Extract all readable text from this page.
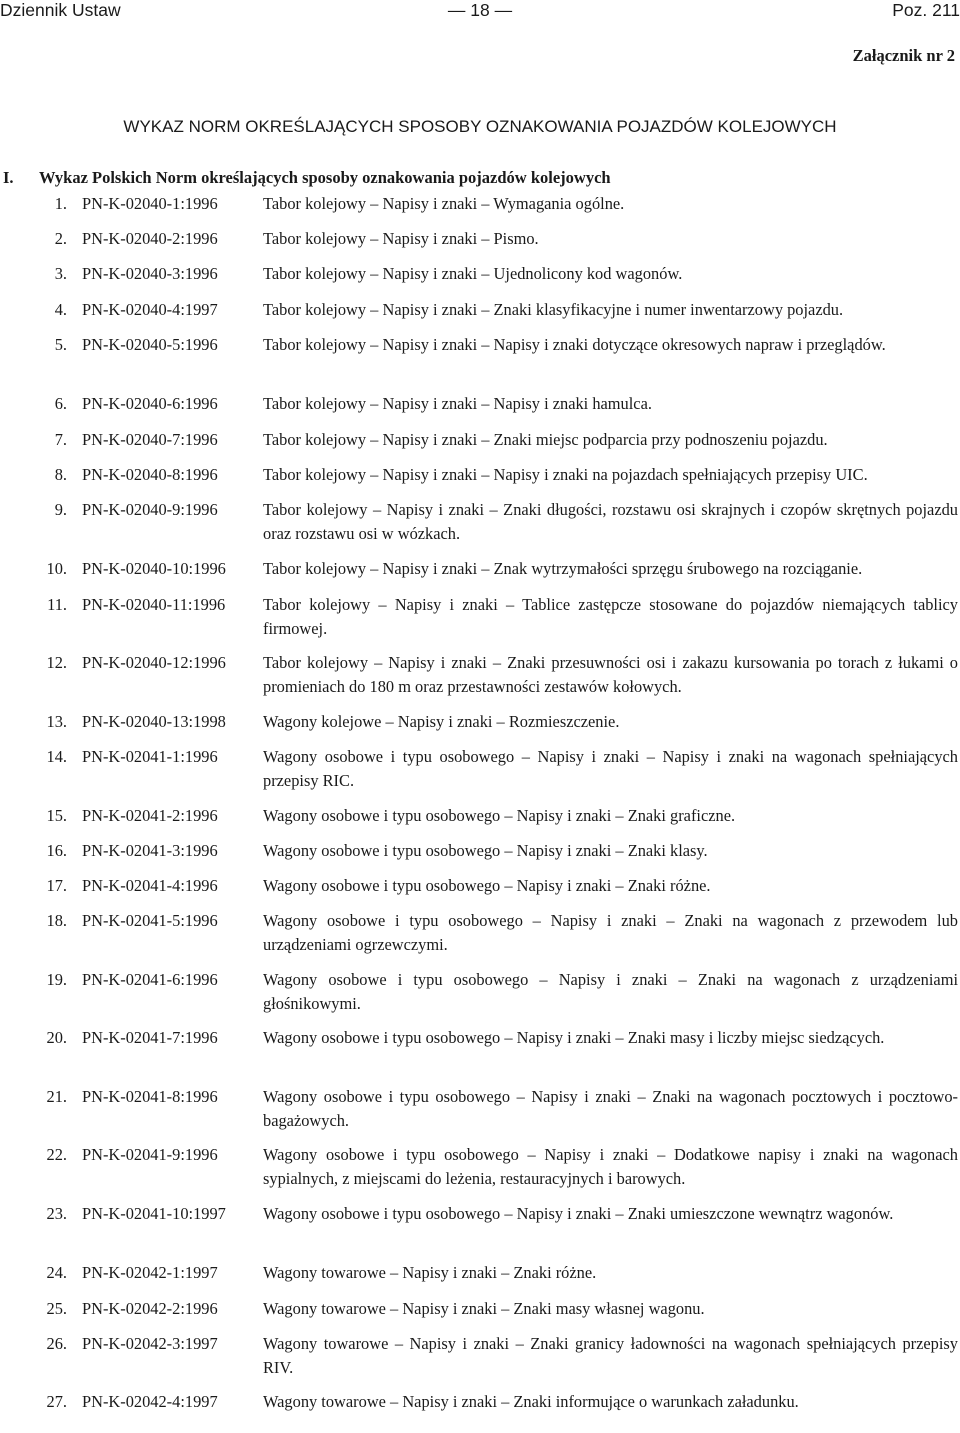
Dziennik Ustaw	— 18 —	Poz. 211
Załącznik nr 2
WYKAZ NORM OKREŚLAJĄCYCH SPOSOBY OZNAKOWANIA POJAZDÓW KOLEJOWYCH
I. Wykaz Polskich Norm określających sposoby oznakowania pojazdów kolejowych
1. PN-K-02040-1:1996	Tabor kolejowy – Napisy i znaki – Wymagania ogólne.
2. PN-K-02040-2:1996	Tabor kolejowy – Napisy i znaki – Pismo.
3. PN-K-02040-3:1996	Tabor kolejowy – Napisy i znaki – Ujednolicony kod wagonów.
4. PN-K-02040-4:1997	Tabor kolejowy – Napisy i znaki – Znaki klasyfikacyjne i numer inwentarzowy pojazdu.
5. PN-K-02040-5:1996	Tabor kolejowy – Napisy i znaki – Napisy i znaki dotyczące okresowych napraw i przeglądów.
6. PN-K-02040-6:1996	Tabor kolejowy – Napisy i znaki – Napisy i znaki hamulca.
7. PN-K-02040-7:1996	Tabor kolejowy – Napisy i znaki – Znaki miejsc podparcia przy podnoszeniu pojazdu.
8. PN-K-02040-8:1996	Tabor kolejowy – Napisy i znaki – Napisy i znaki na pojazdach spełniających przepisy UIC.
9. PN-K-02040-9:1996	Tabor kolejowy – Napisy i znaki – Znaki długości, rozstawu osi skrajnych i czopów skrętnych pojazdu oraz rozstawu osi w wózkach.
10. PN-K-02040-10:1996 Tabor kolejowy – Napisy i znaki – Znak wytrzymałości sprzęgu śrubowego na rozciąganie.
11. PN-K-02040-11:1996 Tabor kolejowy – Napisy i znaki – Tablice zastępcze stosowane do pojazdów niemających tablicy firmowej.
12. PN-K-02040-12:1996 Tabor kolejowy – Napisy i znaki – Znaki przesuwności osi i zakazu kursowania po torach z łukami o promieniach do 180 m oraz przestawności zestawów kołowych.
13. PN-K-02040-13:1998 Wagony kolejowe – Napisy i znaki – Rozmieszczenie.
14. PN-K-02041-1:1996	Wagony osobowe i typu osobowego – Napisy i znaki – Napisy i znaki na wagonach spełniających przepisy RIC.
15. PN-K-02041-2:1996	Wagony osobowe i typu osobowego – Napisy i znaki – Znaki graficzne.
16. PN-K-02041-3:1996	Wagony osobowe i typu osobowego – Napisy i znaki – Znaki klasy.
17. PN-K-02041-4:1996	Wagony osobowe i typu osobowego – Napisy i znaki – Znaki różne.
18. PN-K-02041-5:1996	Wagony osobowe i typu osobowego – Napisy i znaki – Znaki na wagonach z przewodem lub urządzeniami ogrzewczymi.
19. PN-K-02041-6:1996	Wagony osobowe i typu osobowego – Napisy i znaki – Znaki na wagonach z urządzeniami głośnikowymi.
20. PN-K-02041-7:1996	Wagony osobowe i typu osobowego – Napisy i znaki – Znaki masy i liczby miejsc siedzących.
21. PN-K-02041-8:1996	Wagony osobowe i typu osobowego – Napisy i znaki – Znaki na wagonach pocztowych i pocztowo-bagażowych.
22. PN-K-02041-9:1996	Wagony osobowe i typu osobowego – Napisy i znaki – Dodatkowe napisy i znaki na wagonach sypialnych, z miejscami do leżenia, restauracyjnych i barowych.
23. PN-K-02041-10:1997 Wagony osobowe i typu osobowego – Napisy i znaki – Znaki umieszczone wewnątrz wagonów.
24. PN-K-02042-1:1997	Wagony towarowe – Napisy i znaki – Znaki różne.
25. PN-K-02042-2:1996	Wagony towarowe – Napisy i znaki – Znaki masy własnej wagonu.
26. PN-K-02042-3:1997	Wagony towarowe – Napisy i znaki – Znaki granicy ładowności na wagonach spełniających przepisy RIV.
27. PN-K-02042-4:1997	Wagony towarowe – Napisy i znaki – Znaki informujące o warunkach załadunku.
